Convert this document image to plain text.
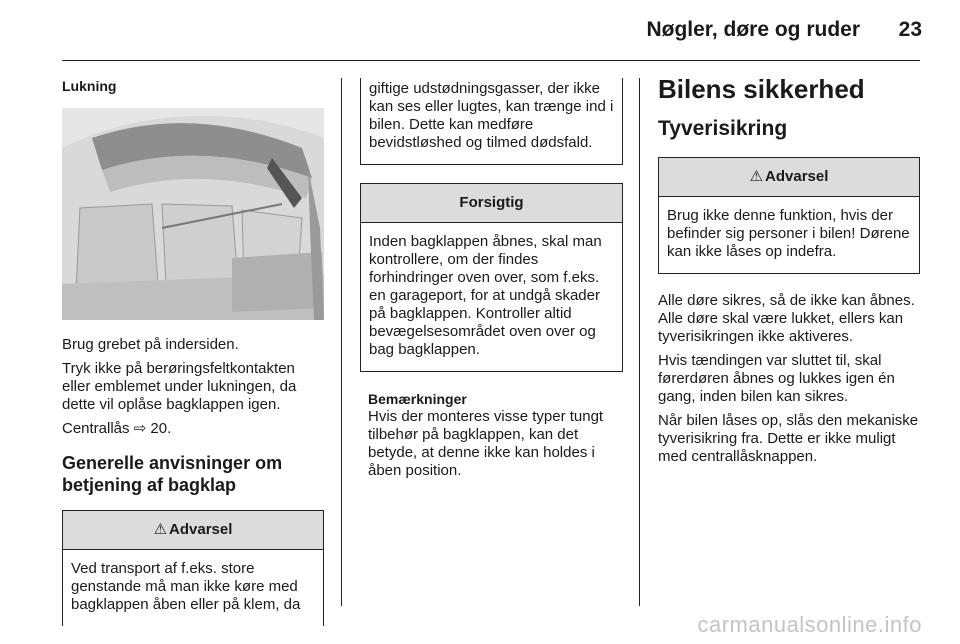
Nøgler, døre og ruder 23
Lukning

Brug grebet på indersiden.

Tryk ikke på berøringsfeltkontakten eller emblemet under lukningen, da dette vil oplåse bagklappen igen.

Centrallås ⇨ 20.

Generelle anvisninger om betjening af bagklap
⚠ Advarsel

Ved transport af f.eks. store genstande må man ikke køre med bagklappen åben eller på klem, da

giftige udstødningsgasser, der ikke kan ses eller lugtes, kan trænge ind i bilen. Dette kan medføre bevidstløshed og tilmed dødsfald.

Forsigtig

Inden bagklappen åbnes, skal man kontrollere, om der findes forhindringer oven over, som f.eks. en garageport, for at undgå skader på bagklappen. Kontroller altid bevægelsesområdet oven over og bag bagklappen.

Bemærkninger

Hvis der monteres visse typer tungt tilbehør på bagklappen, kan det betyde, at denne ikke kan holdes i åben position.

Bilens sikkerhed
Tyverisikring
⚠ Advarsel

Brug ikke denne funktion, hvis der befinder sig personer i bilen! Dørene kan ikke låses op indefra.

Alle døre sikres, så de ikke kan åbnes. Alle døre skal være lukket, ellers kan tyverisikringen ikke aktiveres.

Hvis tændingen var sluttet til, skal førerdøren åbnes og lukkes igen én gang, inden bilen kan sikres.

Når bilen låses op, slås den mekaniske tyverisikring fra. Dette er ikke muligt med centrallåsknappen.

carmanualsonline.info
